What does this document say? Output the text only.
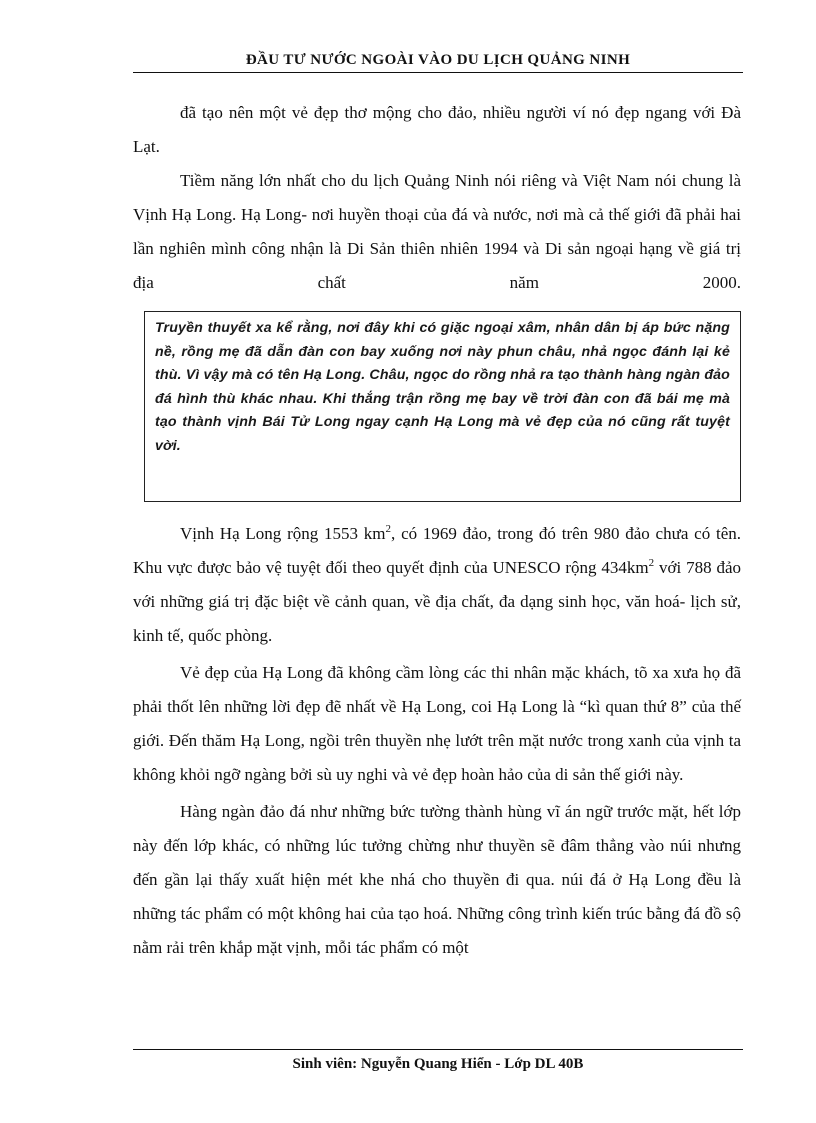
ĐẦU TƯ NƯỚC NGOÀI VÀO DU LỊCH QUẢNG NINH

đã tạo nên một vẻ đẹp thơ mộng cho đảo, nhiều người ví nó đẹp ngang với Đà Lạt.

Tiềm năng lớn nhất cho du lịch Quảng Ninh nói riêng và Việt Nam nói chung là Vịnh Hạ Long. Hạ Long- nơi huyền thoại của đá và nước, nơi mà cả thế giới đã phải hai lần nghiên mình công nhận là Di Sản thiên nhiên 1994 và Di sản ngoại hạng về giá trị địa chất năm 2000.

Truyền thuyết xa kể rằng, nơi đây khi có giặc ngoại xâm, nhân dân bị áp bức nặng nề, rồng mẹ đã dẫn đàn con bay xuống nơi này phun châu, nhả ngọc đánh lại kẻ thù. Vì vậy mà có tên Hạ Long. Châu, ngọc do rồng nhả ra tạo thành hàng ngàn đảo đá hình thù khác nhau. Khi thắng trận rồng mẹ bay về trời đàn con đã bái mẹ mà tạo thành vịnh Bái Tử Long ngay cạnh Hạ Long mà vẻ đẹp của nó cũng rất tuyệt vời.

Vịnh Hạ Long rộng 1553 $km^2$, có 1969 đảo, trong đó trên 980 đảo chưa có tên. Khu vực được bảo vệ tuyệt đối theo quyết định của UNESCO rộng $434km^2$ với 788 đảo với những giá trị đặc biệt về cảnh quan, về địa chất, đa dạng sinh học, văn hoá- lịch sử, kinh tế, quốc phòng.

Vẻ đẹp của Hạ Long đã không cầm lòng các thi nhân mặc khách, tõ xa xưa họ đã phải thốt lên những lời đẹp đẽ nhất về Hạ Long, coi Hạ Long là “kì quan thứ 8” của thế giới. Đến thăm Hạ Long, ngồi trên thuyền nhẹ lướt trên mặt nước trong xanh của vịnh ta không khỏi ngỡ ngàng bởi sù uy nghi và vẻ đẹp hoàn hảo của di sản thế giới này.

Hàng ngàn đảo đá như những bức tường thành hùng vĩ án ngữ trước mặt, hết lớp này đến lớp khác, có những lúc tưởng chừng như thuyền sẽ đâm thẳng vào núi nhưng đến gần lại thấy xuất hiện mét khe nhá cho thuyền đi qua. núi đá ở Hạ Long đều là những tác phẩm có một không hai của tạo hoá. Những công trình kiến trúc bằng đá đồ sộ nằm rải trên khắp mặt vịnh, mỗi tác phẩm có một

Sinh viên: Nguyễn Quang Hiển - Lớp DL 40B
